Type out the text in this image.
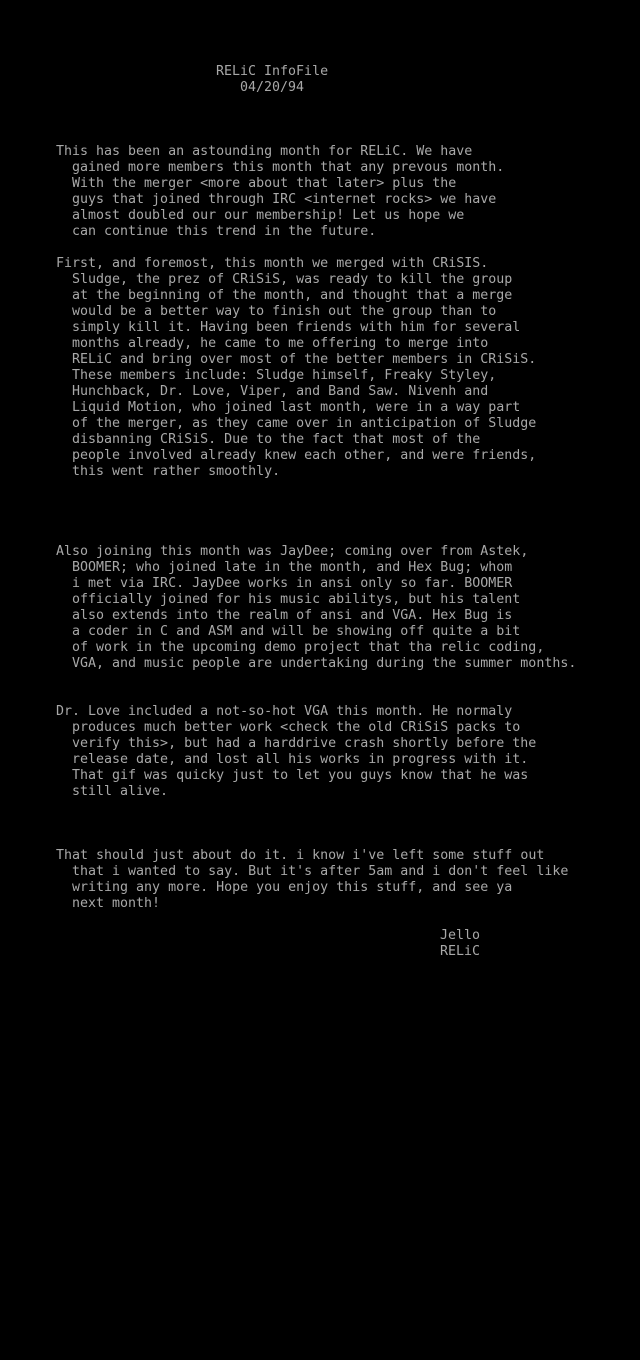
RELiC InfoFile

04/20/94

This has been an astounding month for RELiC. We have

gained more members this month that any prevous month.

With the merger <more about that later> plus the

guys that joined through IRC <internet rocks> we have

almost doubled our our membership! Let us hope we

can continue this trend in the future.

First, and foremost, this month we merged with CRiSIS.

Sludge, the prez of CRiSiS, was ready to kill the group

at the beginning of the month, and thought that a merge

would be a better way to finish out the group than to

simply kill it. Having been friends with him for several

months already, he came to me offering to merge into

RELiC and bring over most of the better members in CRiSiS.

These members include: Sludge himself, Freaky Styley,

Hunchback, Dr. Love, Viper, and Band Saw. Nivenh and

Liquid Motion, who joined last month, were in a way part

of the merger, as they came over in anticipation of Sludge

disbanning CRiSiS. Due to the fact that most of the

people involved already knew each other, and were friends,

this went rather smoothly.

Also joining this month was JayDee; coming over from Astek,

BOOMER; who joined late in the month, and Hex Bug; whom

i met via IRC. JayDee works in ansi only so far. BOOMER

officially joined for his music abilitys, but his talent

also extends into the realm of ansi and VGA. Hex Bug is

a coder in C and ASM and will be showing off quite a bit

of work in the upcoming demo project that tha relic coding,

VGA, and music people are undertaking during the summer months.

Dr. Love included a not-so-hot VGA this month. He normaly

produces much better work <check the old CRiSiS packs to

verify this>, but had a harddrive crash shortly before the

release date, and lost all his works in progress with it.

That gif was quicky just to let you guys know that he was

still alive.

That should just about do it. i know i've left some stuff out

that i wanted to say. But it's after 5am and i don't feel like

writing any more. Hope you enjoy this stuff, and see ya

next month!

Jello

RELiC
